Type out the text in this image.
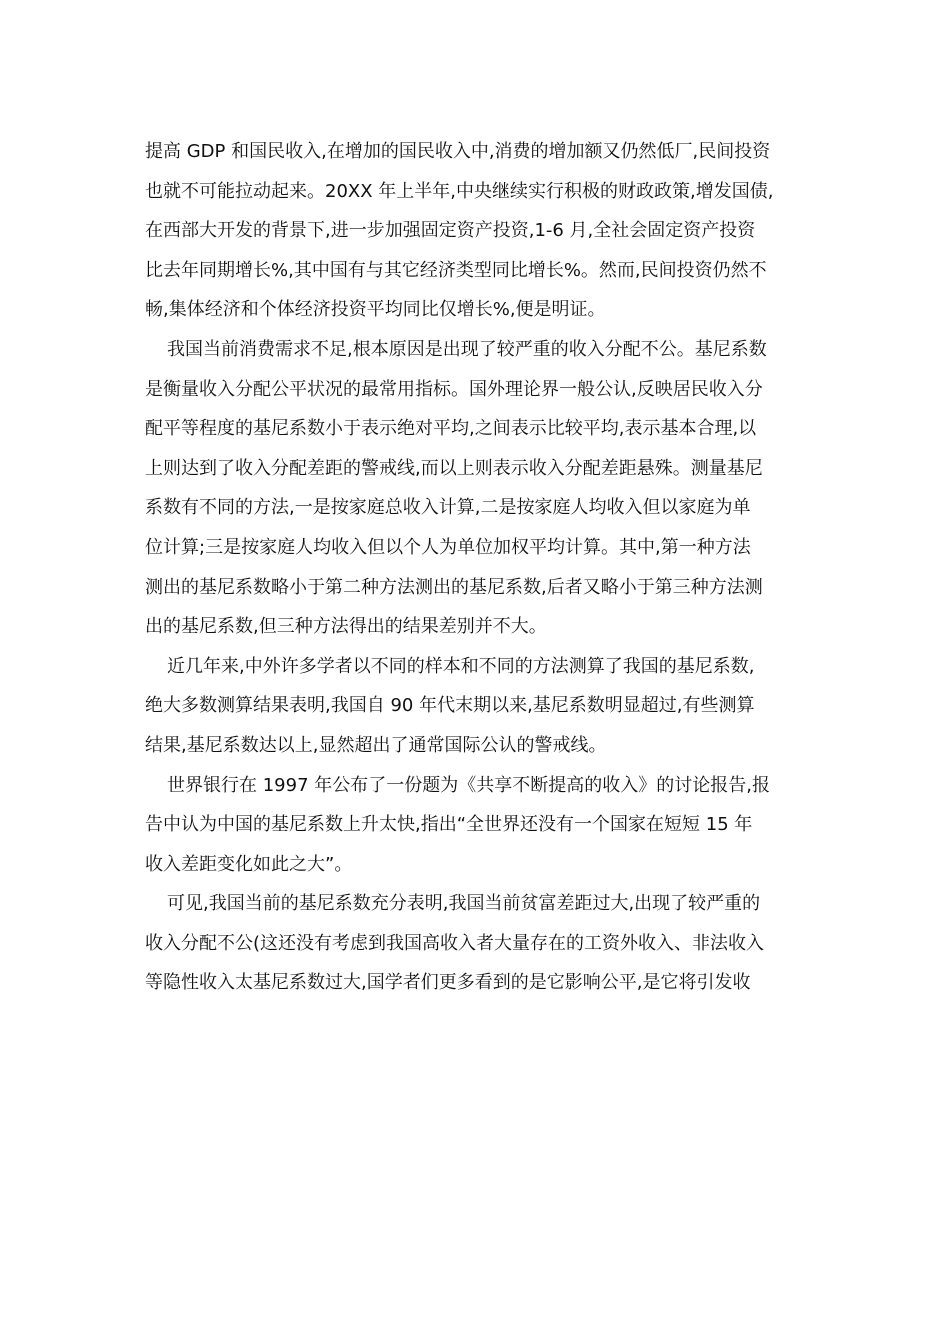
提高 GDP 和国民收入,在增加的国民收入中,消费的增加额又仍然低厂,民间投资
也就不可能拉动起来。20XX 年上半年,中央继续实行积极的财政政策,增发国债,
在西部大开发的背景下,进一步加强固定资产投资,1-6 月,全社会固定资产投资
比去年同期增长%,其中国有与其它经济类型同比增长%。然而,民间投资仍然不
畅,集体经济和个体经济投资平均同比仅增长%,便是明证。

我国当前消费需求不足,根本原因是出现了较严重的收入分配不公。基尼系数
是衡量收入分配公平状况的最常用指标。国外理论界一般公认,反映居民收入分
配平等程度的基尼系数小于表示绝对平均,之间表示比较平均,表示基本合理,以
上则达到了收入分配差距的警戒线,而以上则表示收入分配差距悬殊。测量基尼
系数有不同的方法,一是按家庭总收入计算,二是按家庭人均收入但以家庭为单
位计算;三是按家庭人均收入但以个人为单位加权平均计算。其中,第一种方法
测出的基尼系数略小于第二种方法测出的基尼系数,后者又略小于第三种方法测
出的基尼系数,但三种方法得出的结果差别并不大。

近几年来,中外许多学者以不同的样本和不同的方法测算了我国的基尼系数,
绝大多数测算结果表明,我国自 90 年代末期以来,基尼系数明显超过,有些测算
结果,基尼系数达以上,显然超出了通常国际公认的警戒线。

世界银行在 1997 年公布了一份题为《共享不断提高的收入》的讨论报告,报
告中认为中国的基尼系数上升太快,指出“全世界还没有一个国家在短短 15 年
收入差距变化如此之大”。

可见,我国当前的基尼系数充分表明,我国当前贫富差距过大,出现了较严重的
收入分配不公(这还没有考虑到我国高收入者大量存在的工资外收入、非法收入
等隐性收入太基尼系数过大,国学者们更多看到的是它影响公平,是它将引发收
